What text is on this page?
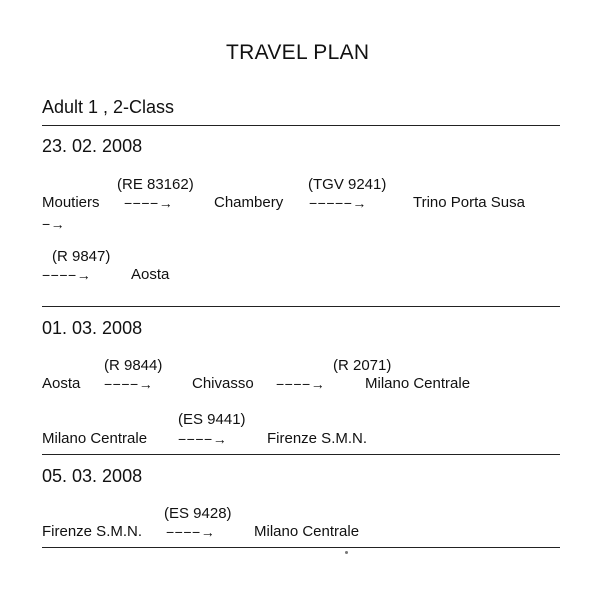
TRAVEL PLAN
Adult 1 , 2-Class
23. 02. 2008
(RE 83162)	(TGV 9241)
Moutiers −−−−→	Chambery −−−−−→	Trino Porta Susa
−→
(R 9847)
−−−−→	Aosta
01. 03. 2008
(R 9844)	(R 2071)
Aosta −−−−→	Chivasso −−−−→	Milano Centrale
(ES 9441)
Milano Centrale −−−−→	Firenze S.M.N.
05. 03. 2008
(ES 9428)
Firenze S.M.N. −−−−→	Milano Centrale
